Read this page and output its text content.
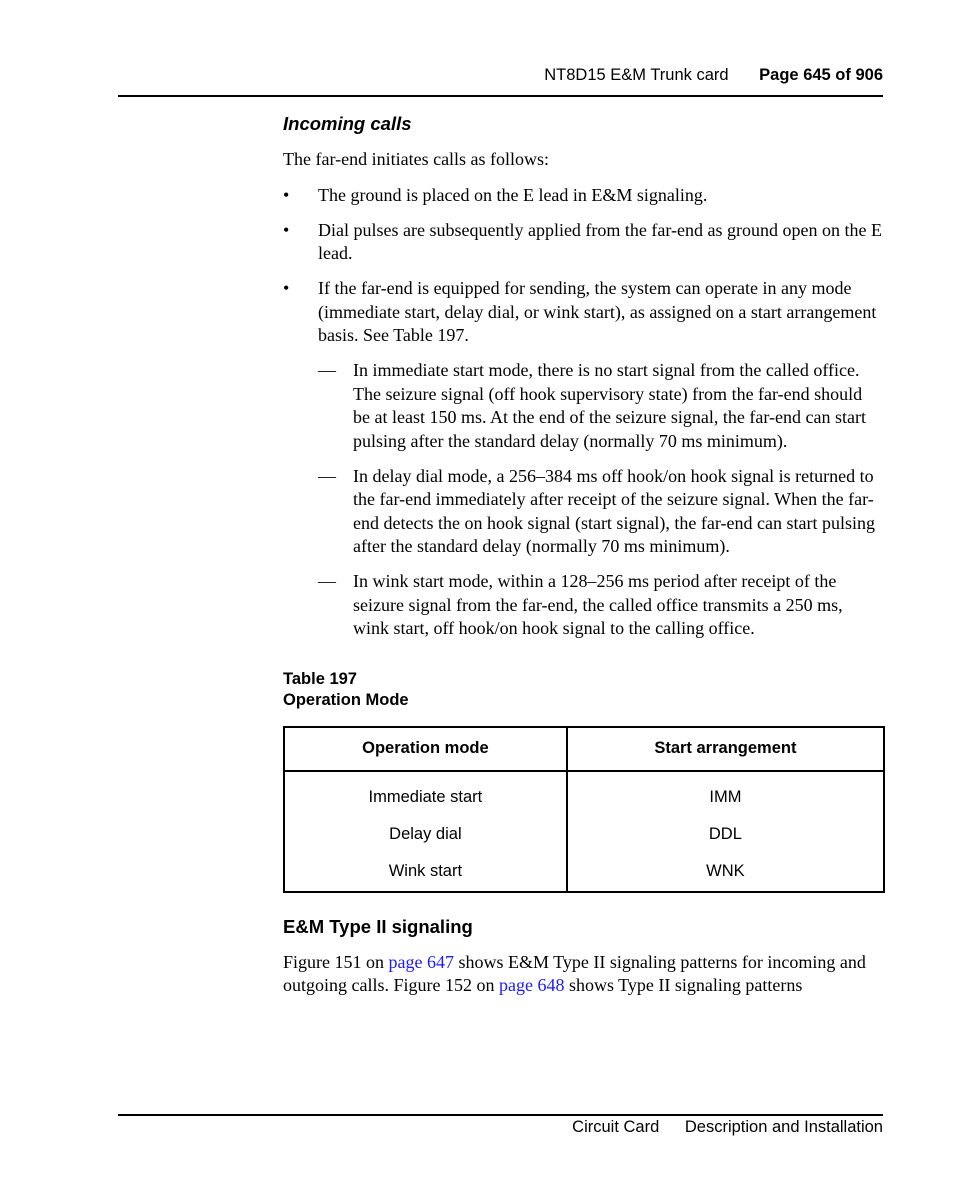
NT8D15 E&M Trunk card Page 645 of 906
Incoming calls

The far-end initiates calls as follows:

• The ground is placed on the E lead in E&M signaling.
• Dial pulses are subsequently applied from the far-end as ground open on the E lead.
• If the far-end is equipped for sending, the system can operate in any mode (immediate start, delay dial, or wink start), as assigned on a start arrangement basis. See Table 197.
— In immediate start mode, there is no start signal from the called office. The seizure signal (off hook supervisory state) from the far-end should be at least 150 ms. At the end of the seizure signal, the far-end can start pulsing after the standard delay (normally 70 ms minimum).
— In delay dial mode, a 256–384 ms off hook/on hook signal is returned to the far-end immediately after receipt of the seizure signal. When the far-end detects the on hook signal (start signal), the far-end can start pulsing after the standard delay (normally 70 ms minimum).
— In wink start mode, within a 128–256 ms period after receipt of the seizure signal from the far-end, the called office transmits a 250 ms, wink start, off hook/on hook signal to the calling office.
Table 197
Operation Mode
Operation mode	Start arrangement
Immediate start	IMM
Delay dial	DDL
Wink start	WNK
E&M Type II signaling

Figure 151 on page 647 shows E&M Type II signaling patterns for incoming and outgoing calls. Figure 152 on page 648 shows Type II signaling patterns

Circuit Card Description and Installation
